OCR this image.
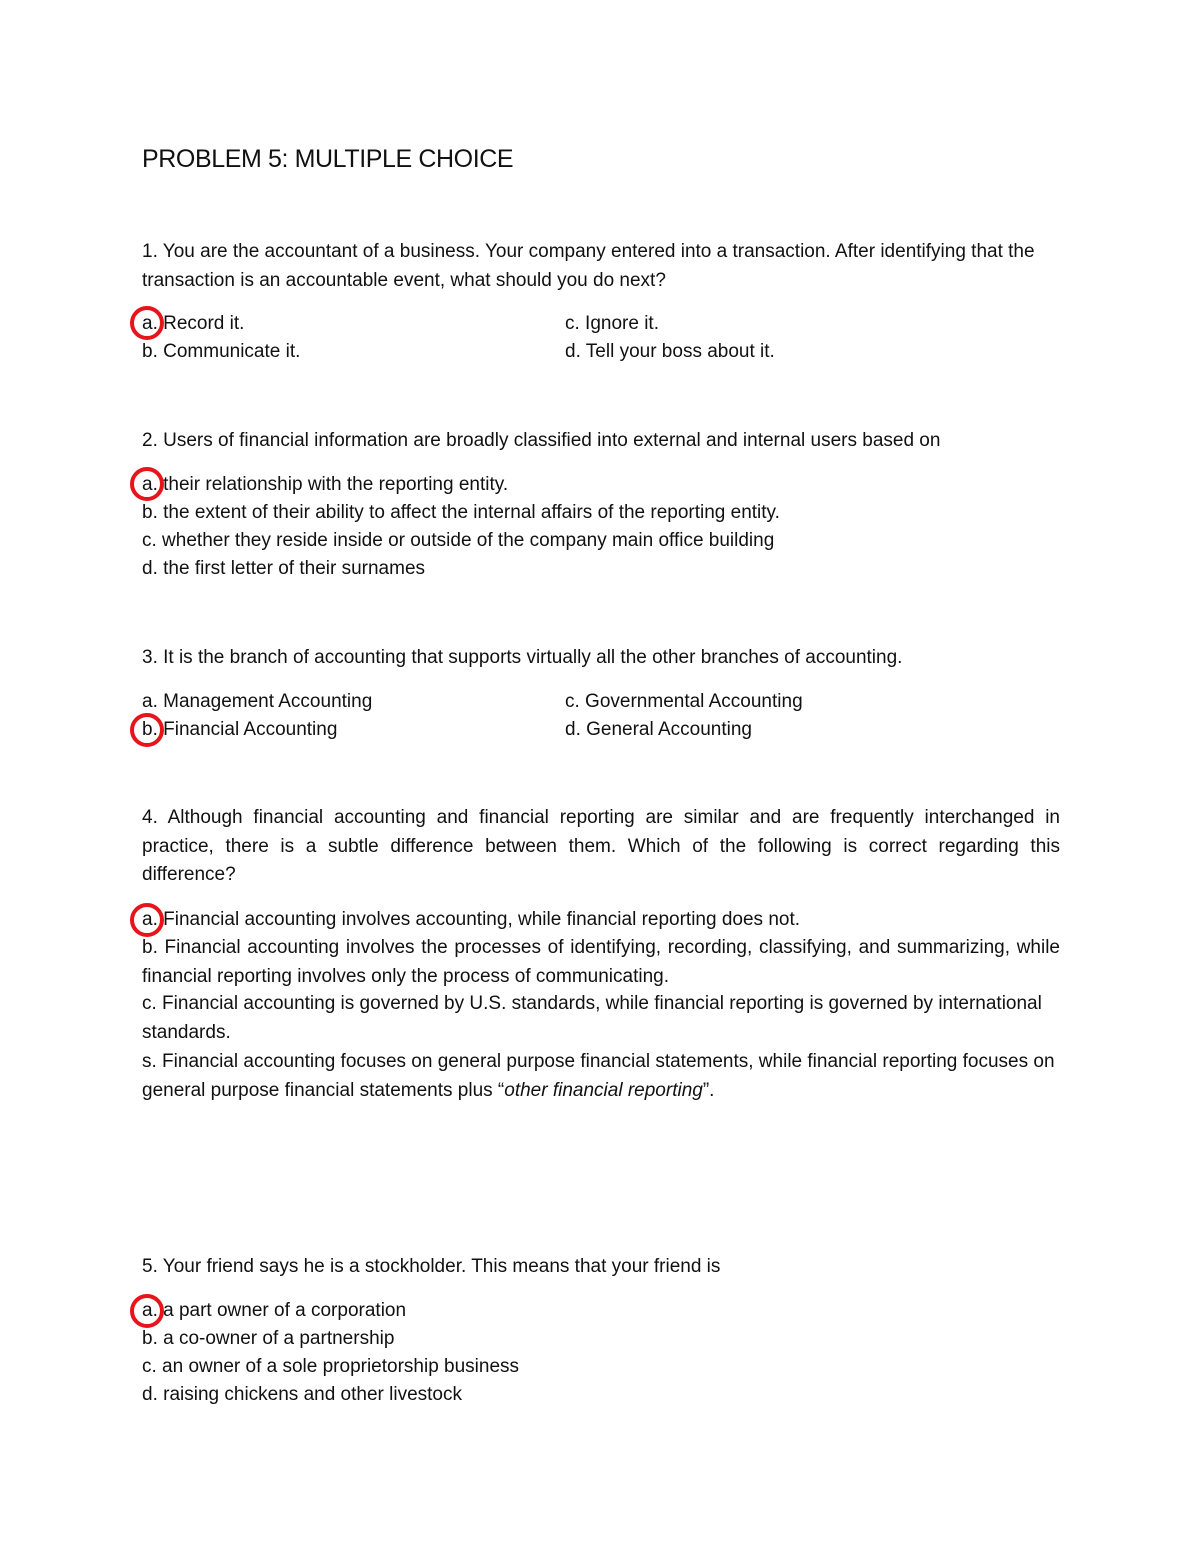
PROBLEM 5: MULTIPLE CHOICE
1. You are the accountant of a business. Your company entered into a transaction. After identifying that the transaction is an accountable event, what should you do next?
a. Record it.
b. Communicate it.
c. Ignore it.
d. Tell your boss about it.
2. Users of financial information are broadly classified into external and internal users based on
a. their relationship with the reporting entity.
b. the extent of their ability to affect the internal affairs of the reporting entity.
c. whether they reside inside or outside of the company main office building
d. the first letter of their surnames
3. It is the branch of accounting that supports virtually all the other branches of accounting.
a. Management Accounting
b. Financial Accounting
c. Governmental Accounting
d. General Accounting
4. Although financial accounting and financial reporting are similar and are frequently interchanged in practice, there is a subtle difference between them. Which of the following is correct regarding this difference?
a. Financial accounting involves accounting, while financial reporting does not.
b. Financial accounting involves the processes of identifying, recording, classifying, and summarizing, while financial reporting involves only the process of communicating.
c. Financial accounting is governed by U.S. standards, while financial reporting is governed by international standards.
s. Financial accounting focuses on general purpose financial statements, while financial reporting focuses on general purpose financial statements plus “other financial reporting”.
5. Your friend says he is a stockholder. This means that your friend is
a. a part owner of a corporation
b. a co-owner of a partnership
c. an owner of a sole proprietorship business
d. raising chickens and other livestock
